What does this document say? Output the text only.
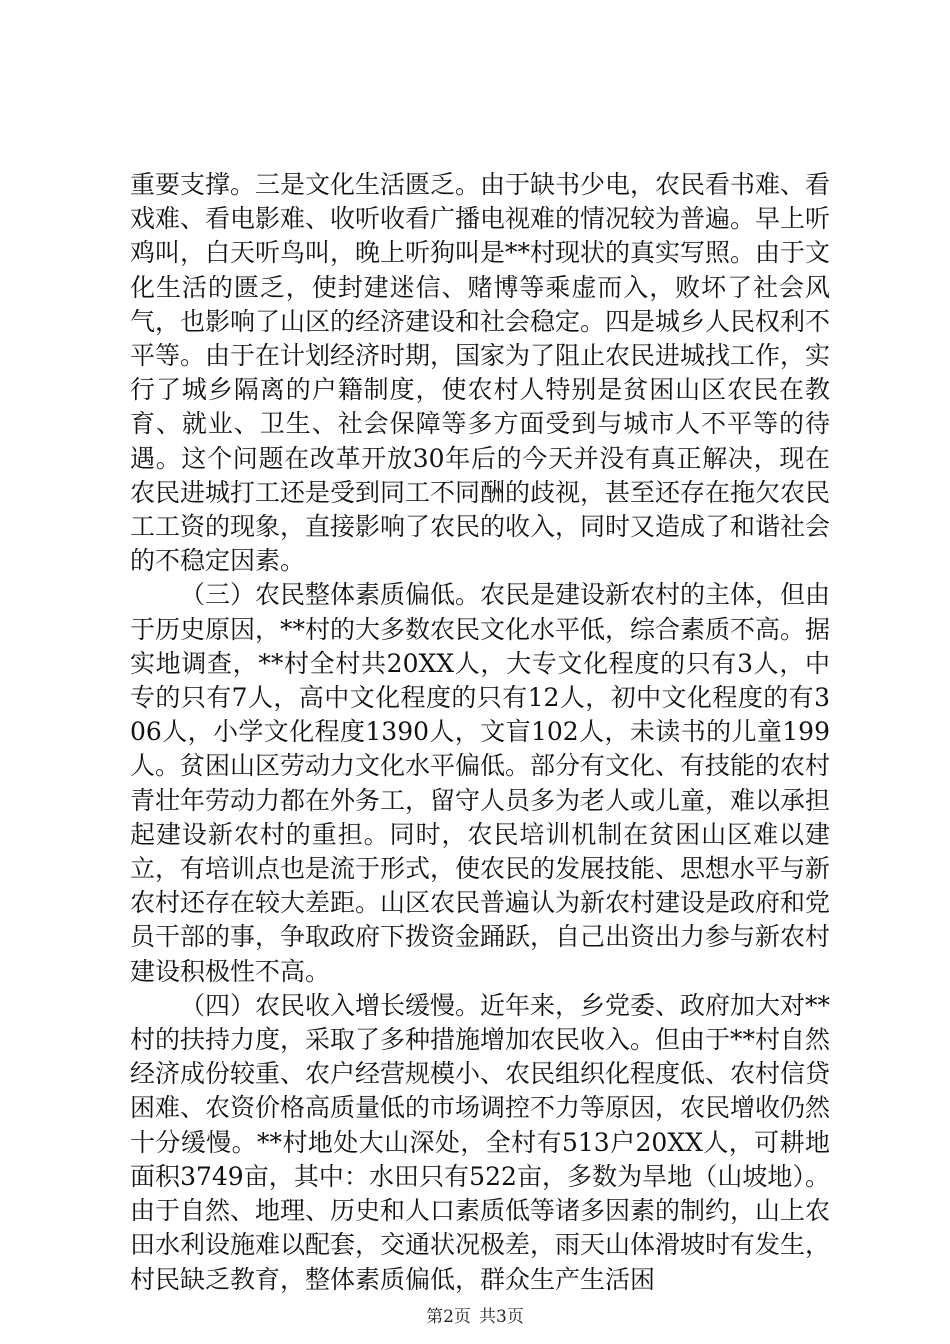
重要支撑。三是文化生活匮乏。由于缺书少电，农民看书难、看戏难、看电影难、收听收看广播电视难的情况较为普遍。早上听鸡叫，白天听鸟叫，晚上听狗叫是**村现状的真实写照。由于文化生活的匮乏，使封建迷信、赌博等乘虚而入，败坏了社会风气，也影响了山区的经济建设和社会稳定。四是城乡人民权利不平等。由于在计划经济时期，国家为了阻止农民进城找工作，实行了城乡隔离的户籍制度，使农村人特别是贫困山区农民在教育、就业、卫生、社会保障等多方面受到与城市人不平等的待遇。这个问题在改革开放30年后的今天并没有真正解决，现在农民进城打工还是受到同工不同酬的歧视，甚至还存在拖欠农民工工资的现象，直接影响了农民的收入，同时又造成了和谐社会的不稳定因素。

（三）农民整体素质偏低。农民是建设新农村的主体，但由于历史原因，**村的大多数农民文化水平低，综合素质不高。据实地调查，**村全村共20XX人，大专文化程度的只有3人，中专的只有7人，高中文化程度的只有12人，初中文化程度的有306人，小学文化程度1390人，文盲102人，未读书的儿童199人。贫困山区劳动力文化水平偏低。部分有文化、有技能的农村青壮年劳动力都在外务工，留守人员多为老人或儿童，难以承担起建设新农村的重担。同时，农民培训机制在贫困山区难以建立，有培训点也是流于形式，使农民的发展技能、思想水平与新农村还存在较大差距。山区农民普遍认为新农村建设是政府和党员干部的事，争取政府下拨资金踊跃，自己出资出力参与新农村建设积极性不高。

（四）农民收入增长缓慢。近年来，乡党委、政府加大对**村的扶持力度，采取了多种措施增加农民收入。但由于**村自然经济成份较重、农户经营规模小、农民组织化程度低、农村信贷困难、农资价格高质量低的市场调控不力等原因，农民增收仍然十分缓慢。**村地处大山深处，全村有513户20XX人，可耕地面积3749亩，其中：水田只有522亩，多数为旱地（山坡地）。由于自然、地理、历史和人口素质低等诸多因素的制约，山上农田水利设施难以配套，交通状况极差，雨天山体滑坡时有发生，村民缺乏教育，整体素质偏低，群众生产生活困

第2页 共3页
